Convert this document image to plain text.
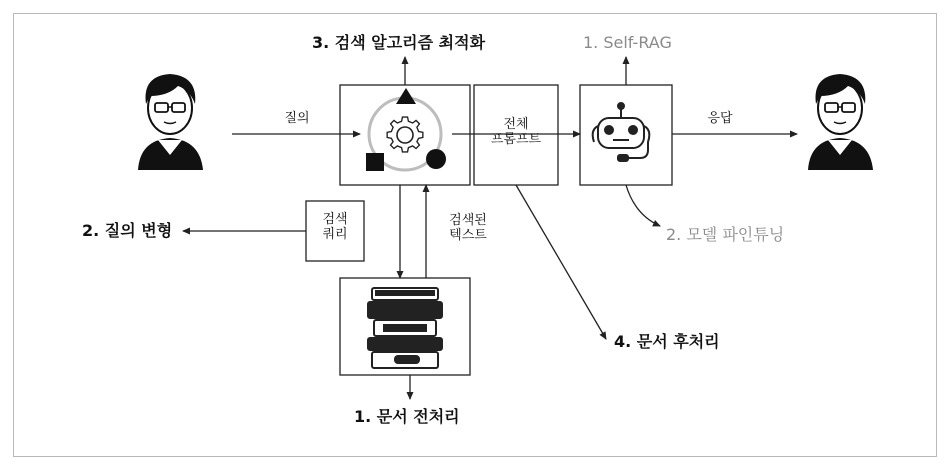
질의	응답
전체
프롬프트
검색
쿼리
검색된
텍스트
3. 검색 알고리즘 최적화	1. Self-RAG
2. 질의 변형	2. 모델 파인튜닝
4. 문서 후처리
1. 문서 전처리
